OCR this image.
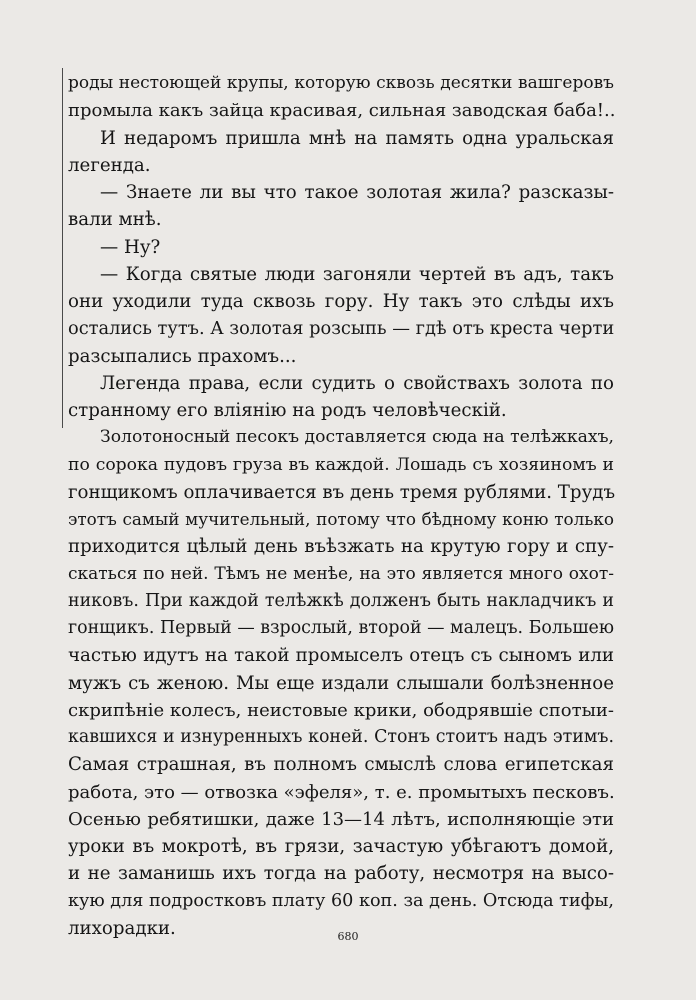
роды нестоющей крупы, которую сквозь десятки вашгеровъ
промыла какъ зайца красивая, сильная заводская баба!..
И недаромъ пришла мнѣ на память одна уральская
легенда.
— Знаете ли вы что такое золотая жила? разсказы-
вали мнѣ.
— Ну?
— Когда святые люди загоняли чертей въ адъ, такъ
они уходили туда сквозь гору. Ну такъ это слѣды ихъ
остались тутъ. А золотая розсыпь — гдѣ отъ креста черти
разсыпались прахомъ...
Легенда права, если судить о свойствахъ золота по
странному его вліянію на родъ человѣческій.
Золотоносный песокъ доставляется сюда на телѣжкахъ,
по сорока пудовъ груза въ каждой. Лошадь съ хозяиномъ и
гонщикомъ оплачивается въ день тремя рублями. Трудъ
этотъ самый мучительный, потому что бѣдному коню только
приходится цѣлый день въѣзжать на крутую гору и спу-
скаться по ней. Тѣмъ не менѣе, на это является много охот-
никовъ. При каждой телѣжкѣ долженъ быть накладчикъ и
гонщикъ. Первый — взрослый, второй — малецъ. Большею
частью идутъ на такой промыселъ отецъ съ сыномъ или
мужъ съ женою. Мы еще издали слышали болѣзненное
скрипѣніе колесъ, неистовые крики, ободрявшіе спотыи-
кавшихся и изнуренныхъ коней. Стонъ стоитъ надъ этимъ.
Самая страшная, въ полномъ смыслѣ слова египетская
работа, это — отвозка «эфеля», т. е. промытыхъ песковъ.
Осенью ребятишки, даже 13—14 лѣтъ, исполняющіе эти
уроки въ мокротѣ, въ грязи, зачастую убѣгаютъ домой,
и не заманишь ихъ тогда на работу, несмотря на высо-
кую для подростковъ плату 60 коп. за день. Отсюда тифы,
лихорадки.	680
